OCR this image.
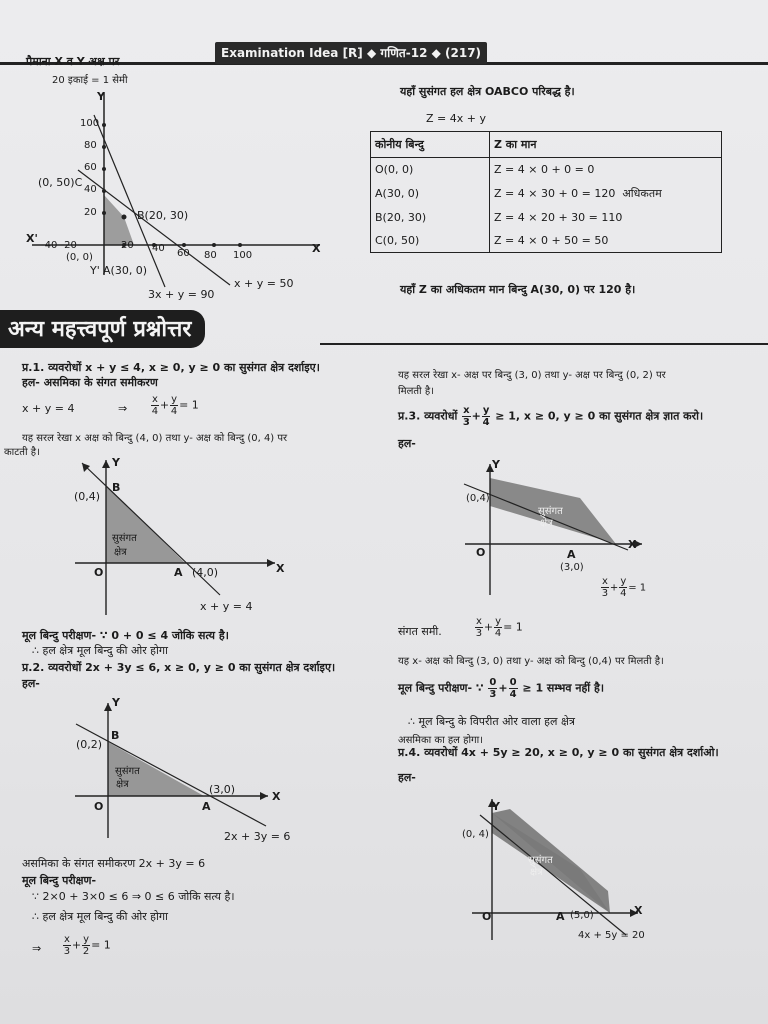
Examination Idea [R] ◆ गणित-12 ◆ (217)
पैमाना X व Y अक्ष पर
20 इकाई = 1 सेमी
Y
100
80
60
40
20
(0, 50)C
B(20, 30)
X'
-40 -20
(0, 0)
20 40 60 80 100
X
Y' A(30, 0)
x + y = 50
3x + y = 90
यहाँ सुसंगत हल क्षेत्र OABCO परिबद्ध है।
Z = 4x + y
कोनीय बिन्दु	Z का मान
O(0, 0)	Z = 4 × 0 + 0 = 0
A(30, 0)	Z = 4 × 30 + 0 = 120 अधिकतम
B(20, 30)	Z = 4 × 20 + 30 = 110
C(0, 50)	Z = 4 × 0 + 50 = 50
यहाँ Z का अधिकतम मान बिन्दु A(30, 0) पर 120 है।
अन्य महत्त्वपूर्ण प्रश्नोत्तर
प्र.1. व्यवरोधों x + y ≤ 4, x ≥ 0, y ≥ 0 का सुसंगत क्षेत्र दर्शाइए।
हल- असमिका के संगत समीकरण
x + y = 4	⇒ $\frac{x}{4} + \frac{y}{4} = 1$
यह सरल रेखा x अक्ष को बिन्दु (4, 0) तथा y- अक्ष को बिन्दु (0, 4) पर
काटती है।
Y
(0,4)
B
सुसंगत
क्षेत्र
O	A (4,0)	X
x + y = 4
मूल बिन्दु परीक्षण- ∵ 0 + 0 ≤ 4 जोकि सत्य है।
∴ हल क्षेत्र मूल बिन्दु की ओर होगा
प्र.2. व्यवरोधों 2x + 3y ≤ 6, x ≥ 0, y ≥ 0 का सुसंगत क्षेत्र दर्शाइए।
हल-
Y
(0,2)
B
सुसंगत
क्षेत्र	(3,0)
O	A
X
2x + 3y = 6
असमिका के संगत समीकरण 2x + 3y = 6
मूल बिन्दु परीक्षण-
∵ 2×0 + 3×0 ≤ 6 ⇒ 0 ≤ 6 जोकि सत्य है।
∴ हल क्षेत्र मूल बिन्दु की ओर होगा
⇒ $\frac{x}{3} + \frac{y}{2} = 1$
यह सरल रेखा x- अक्ष पर बिन्दु (3, 0) तथा y- अक्ष पर बिन्दु (0, 2) पर
मिलती है।
प्र.3. व्यवरोधों $\frac{x}{3} + \frac{y}{4} \ge 1$, x ≥ 0, y ≥ 0 का सुसंगत क्षेत्र ज्ञात करो।
हल-
Y
(0,4)
सुसंगत
क्षेत्र
O	A
(3,0)
X
$\frac{x}{3} + \frac{y}{4} = 1$
संगत समी.	$\frac{x}{3} + \frac{y}{4} = 1$
यह x- अक्ष को बिन्दु (3, 0) तथा y- अक्ष को बिन्दु (0,4) पर मिलती है।
मूल बिन्दु परीक्षण- ∵ $\frac{0}{3} + \frac{0}{4} \ge 1$ सम्भव नहीं है।
∴ मूल बिन्दु के विपरीत ओर वाला हल क्षेत्र
असमिका का हल होगा।
प्र.4. व्यवरोधों 4x + 5y ≥ 20, x ≥ 0, y ≥ 0 का सुसंगत क्षेत्र दर्शाओ।
हल-
Y
(0, 4)
सुसंगत
क्षेत्र
O	A (5,0)	X
4x + 5y = 20
